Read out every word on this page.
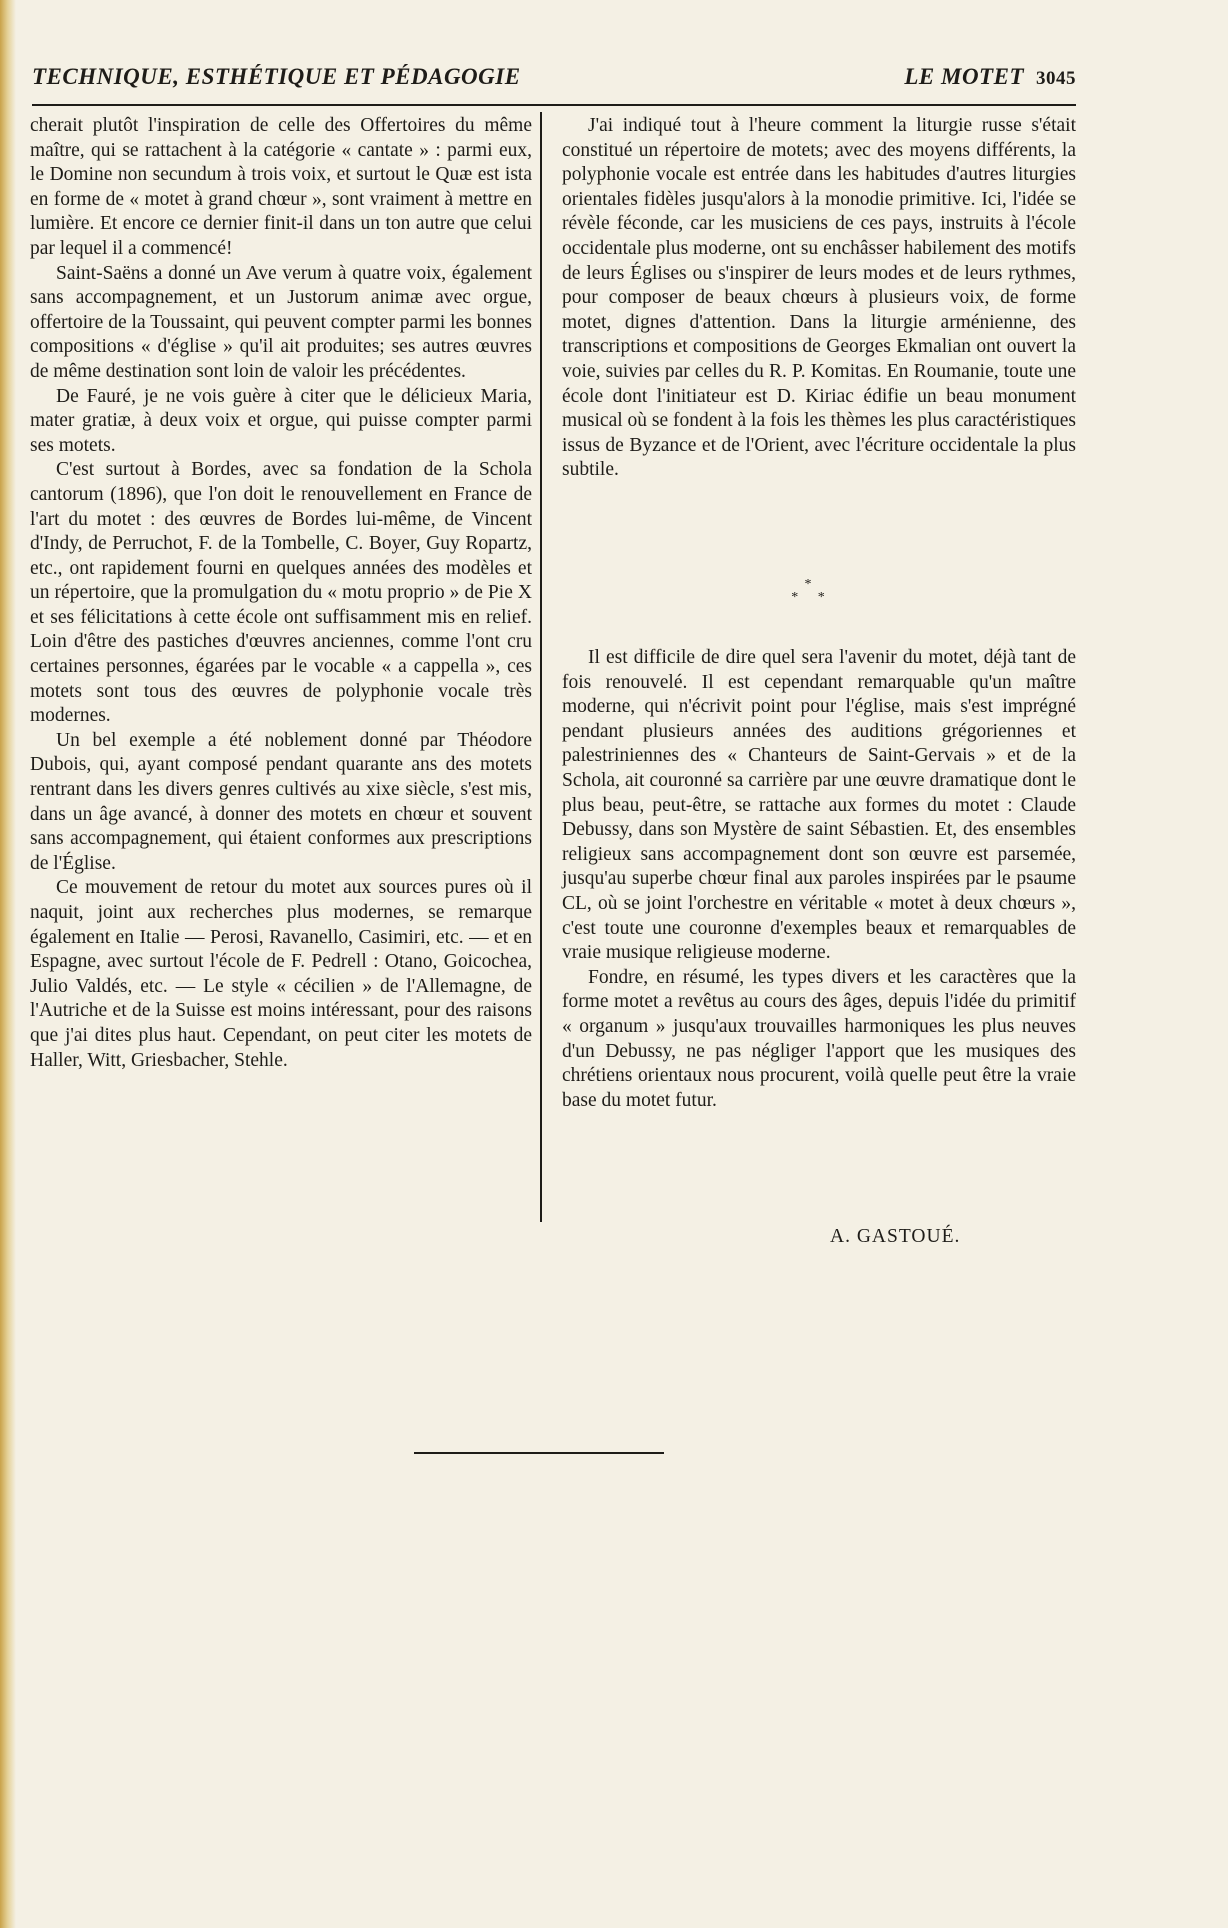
TECHNIQUE, ESTHÉTIQUE ET PÉDAGOGIE	LE MOTET 3045

cherait plutôt l'inspiration de celle des Offertoires du même maître, qui se rattachent à la catégorie « cantate » : parmi eux, le Domine non secundum à trois voix, et surtout le Quæ est ista en forme de « motet à grand chœur », sont vraiment à mettre en lumière. Et encore ce dernier finit-il dans un ton autre que celui par lequel il a commencé!

Saint-Saëns a donné un Ave verum à quatre voix, également sans accompagnement, et un Justorum animæ avec orgue, offertoire de la Toussaint, qui peuvent compter parmi les bonnes compositions « d'église » qu'il ait produites; ses autres œuvres de même destination sont loin de valoir les précédentes.

De Fauré, je ne vois guère à citer que le délicieux Maria, mater gratiæ, à deux voix et orgue, qui puisse compter parmi ses motets.

C'est surtout à Bordes, avec sa fondation de la Schola cantorum (1896), que l'on doit le renouvellement en France de l'art du motet : des œuvres de Bordes lui-même, de Vincent d'Indy, de Perruchot, F. de la Tombelle, C. Boyer, Guy Ropartz, etc., ont rapidement fourni en quelques années des modèles et un répertoire, que la promulgation du « motu proprio » de Pie X et ses félicitations à cette école ont suffisamment mis en relief. Loin d'être des pastiches d'œuvres anciennes, comme l'ont cru certaines personnes, égarées par le vocable « a cappella », ces motets sont tous des œuvres de polyphonie vocale très modernes.

Un bel exemple a été noblement donné par Théodore Dubois, qui, ayant composé pendant quarante ans des motets rentrant dans les divers genres cultivés au xixe siècle, s'est mis, dans un âge avancé, à donner des motets en chœur et souvent sans accompagnement, qui étaient conformes aux prescriptions de l'Église.

Ce mouvement de retour du motet aux sources pures où il naquit, joint aux recherches plus modernes, se remarque également en Italie — Perosi, Ravanello, Casimiri, etc. — et en Espagne, avec surtout l'école de F. Pedrell : Otano, Goicochea, Julio Valdés, etc. — Le style « cécilien » de l'Allemagne, de l'Autriche et de la Suisse est moins intéressant, pour des raisons que j'ai dites plus haut. Cependant, on peut citer les motets de Haller, Witt, Griesbacher, Stehle.

J'ai indiqué tout à l'heure comment la liturgie russe s'était constitué un répertoire de motets; avec des moyens différents, la polyphonie vocale est entrée dans les habitudes d'autres liturgies orientales fidèles jusqu'alors à la monodie primitive. Ici, l'idée se révèle féconde, car les musiciens de ces pays, instruits à l'école occidentale plus moderne, ont su enchâsser habilement des motifs de leurs Églises ou s'inspirer de leurs modes et de leurs rythmes, pour composer de beaux chœurs à plusieurs voix, de forme motet, dignes d'attention. Dans la liturgie arménienne, des transcriptions et compositions de Georges Ekmalian ont ouvert la voie, suivies par celles du R. P. Komitas. En Roumanie, toute une école dont l'initiateur est D. Kiriac édifie un beau monument musical où se fondent à la fois les thèmes les plus caractéristiques issus de Byzance et de l'Orient, avec l'écriture occidentale la plus subtile.

*
* *

Il est difficile de dire quel sera l'avenir du motet, déjà tant de fois renouvelé. Il est cependant remarquable qu'un maître moderne, qui n'écrivit point pour l'église, mais s'est imprégné pendant plusieurs années des auditions grégoriennes et palestriniennes des « Chanteurs de Saint-Gervais » et de la Schola, ait couronné sa carrière par une œuvre dramatique dont le plus beau, peut-être, se rattache aux formes du motet : Claude Debussy, dans son Mystère de saint Sébastien. Et, des ensembles religieux sans accompagnement dont son œuvre est parsemée, jusqu'au superbe chœur final aux paroles inspirées par le psaume CL, où se joint l'orchestre en véritable « motet à deux chœurs », c'est toute une couronne d'exemples beaux et remarquables de vraie musique religieuse moderne.

Fondre, en résumé, les types divers et les caractères que la forme motet a revêtus au cours des âges, depuis l'idée du primitif « organum » jusqu'aux trouvailles harmoniques les plus neuves d'un Debussy, ne pas négliger l'apport que les musiques des chrétiens orientaux nous procurent, voilà quelle peut être la vraie base du motet futur.

A. GASTOUÉ.
